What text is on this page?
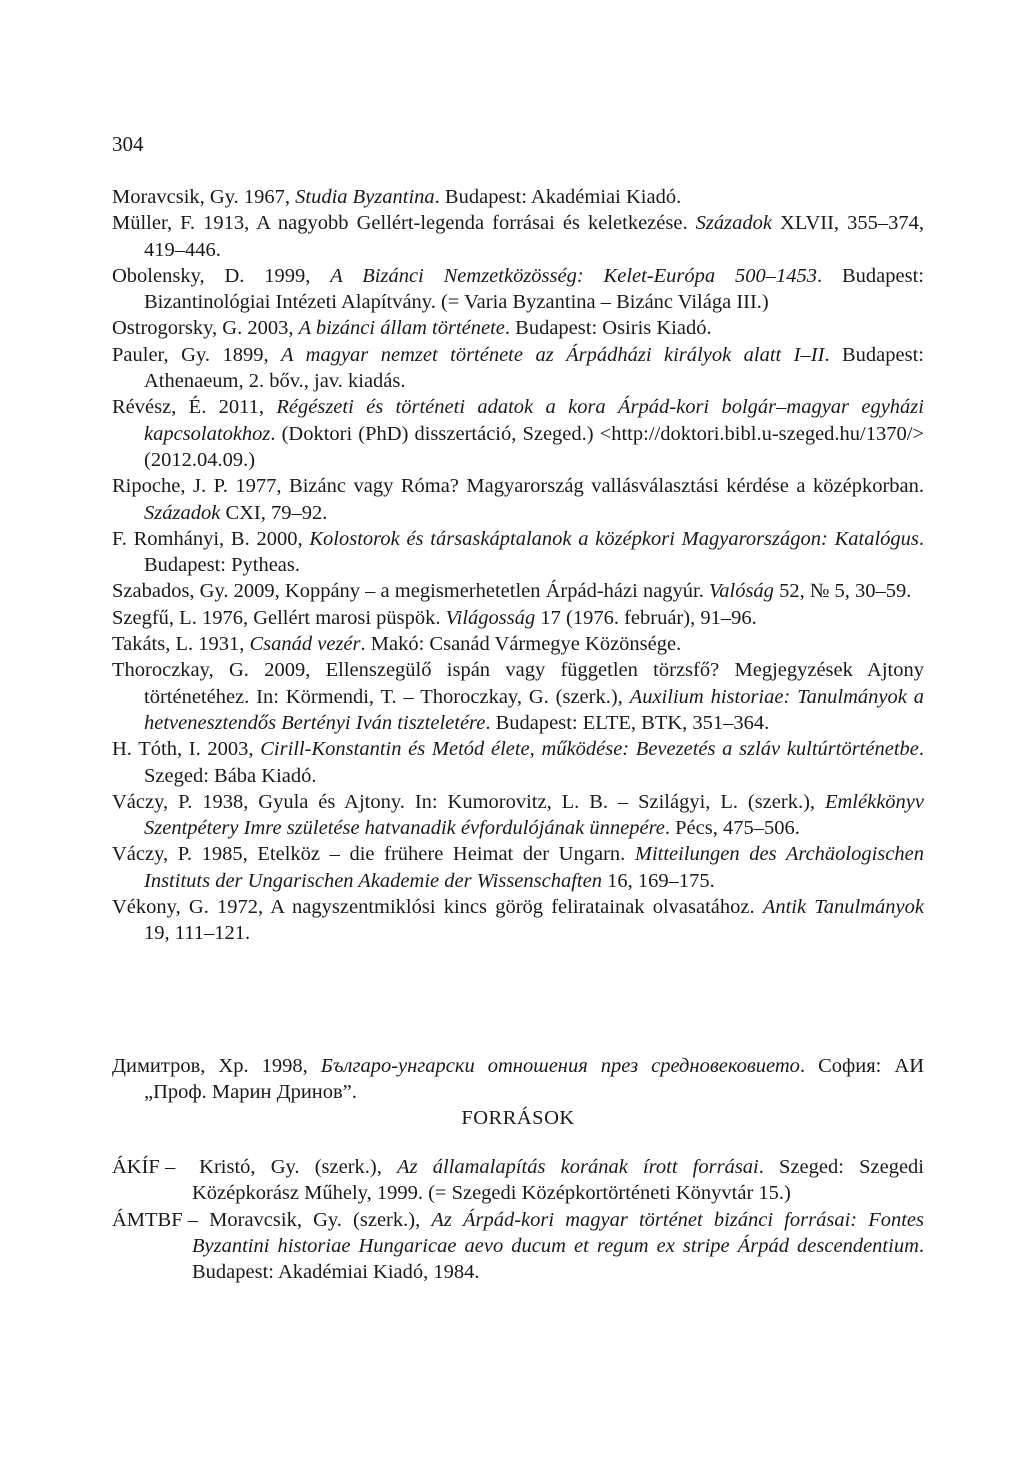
304
Moravcsik, Gy. 1967, Studia Byzantina. Budapest: Akadémiai Kiadó.
Müller, F. 1913, A nagyobb Gellért-legenda forrásai és keletkezése. Századok XLVII, 355–374, 419–446.
Obolensky, D. 1999, A Bizánci Nemzetközösség: Kelet-Európa 500–1453. Budapest: Bizantinológiai Intézeti Alapítvány. (= Varia Byzantina – Bizánc Világa III.)
Ostrogorsky, G. 2003, A bizánci állam története. Budapest: Osiris Kiadó.
Pauler, Gy. 1899, A magyar nemzet története az Árpádházi királyok alatt I–II. Budapest: Athenaeum, 2. bőv., jav. kiadás.
Révész, É. 2011, Régészeti és történeti adatok a kora Árpád-kori bolgár–magyar egyházi kapcsolatokhoz. (Doktori (PhD) disszertáció, Szeged.) <http://doktori.bibl.u-szeged.hu/1370/> (2012.04.09.)
Ripoche, J. P. 1977, Bizánc vagy Róma? Magyarország vallásválasztási kérdése a középkorban. Századok CXI, 79–92.
F. Romhányi, B. 2000, Kolostorok és társaskáptalanok a középkori Magyarországon: Katalógus. Budapest: Pytheas.
Szabados, Gy. 2009, Koppány – a megismerhetetlen Árpád-házi nagyúr. Valóság 52, № 5, 30–59.
Szegfű, L. 1976, Gellért marosi püspök. Világosság 17 (1976. február), 91–96.
Takáts, L. 1931, Csanád vezér. Makó: Csanád Vármegye Közönsége.
Thoroczkay, G. 2009, Ellenszegülő ispán vagy független törzsfő? Megjegyzések Ajtony történetéhez. In: Körmendi, T. – Thoroczkay, G. (szerk.), Auxilium historiae: Tanulmányok a hetvenesztendős Bertényi Iván tiszteletére. Budapest: ELTE, BTK, 351–364.
H. Tóth, I. 2003, Cirill-Konstantin és Metód élete, működése: Bevezetés a szláv kultúrtörténetbe. Szeged: Bába Kiadó.
Váczy, P. 1938, Gyula és Ajtony. In: Kumorovitz, L. B. – Szilágyi, L. (szerk.), Emlékkönyv Szentpétery Imre születése hatvanadik évfordulójának ünnepére. Pécs, 475–506.
Váczy, P. 1985, Etelköz – die frühere Heimat der Ungarn. Mitteilungen des Archäologischen Instituts der Ungarischen Akademie der Wissenschaften 16, 169–175.
Vékony, G. 1972, A nagyszentmiklósi kincs görög feliratainak olvasatához. Antik Tanulmányok 19, 111–121.
Димитров, Хр. 1998, Българо-унгарски отношения през средновековието. София: АИ „Проф. Марин Дринов”.
FORRÁSOK
ÁKÍF – Kristó, Gy. (szerk.), Az államalapítás korának írott forrásai. Szeged: Szegedi Középkorász Műhely, 1999. (= Szegedi Középkortörténeti Könyvtár 15.)
ÁMTBF – Moravcsik, Gy. (szerk.), Az Árpád-kori magyar történet bizánci forrásai: Fontes Byzantini historiae Hungaricae aevo ducum et regum ex stripe Árpád descendentium. Budapest: Akadémiai Kiadó, 1984.
